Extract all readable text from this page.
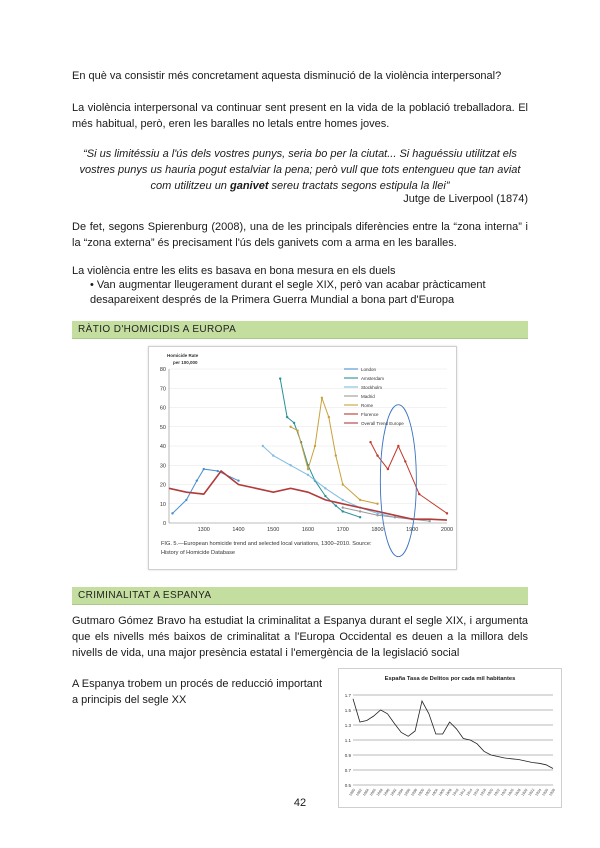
En què va consistir més concretament aquesta disminució de la violència interpersonal?

La violència interpersonal va continuar sent present en la vida de la població treballadora. El més habitual, però, eren les baralles no letals entre homes joves.

“Si us limitéssiu a l'ús dels vostres punys, seria bo per la ciutat... Si haguéssiu utilitzat els vostres punys us hauria pogut estalviar la pena; però vull que tots entengueu que tan aviat com utilitzeu un ganivet sereu tractats segons estipula la llei”
Jutge de Liverpool (1874)

De fet, segons Spierenburg (2008), una de les principals diferències entre la “zona interna” i la “zona externa” és precisament l'ús dels ganivets com a arma en les baralles.

La violència entre les elits es basava en bona mesura en els duels

• Van augmentar lleugerament durant el segle XIX, però van acabar pràcticament desapareixent després de la Primera Guerra Mundial a bona part d'Europa
RÀTIO D'HOMICIDIS A EUROPA
Homicide Rate
per 100,000
0
10
20
30
40
50
60
70
80
1300	1400	1500	1600	1700	1800	1900	2000
London
Amsterdam
Stockholm
Madrid
Rome
Florence
Overall Trend Europe
FIG. 5.—European homicide trend and selected local variations, 1300–2010. Source:
History of Homicide Database
CRIMINALITAT A ESPANYA

Gutmaro Gómez Bravo ha estudiat la criminalitat a Espanya durant el segle XIX, i argumenta que els nivells més baixos de criminalitat a l'Europa Occidental es deuen a la millora dels nivells de vida, una major presència estatal i l'emergència de la legislació social

A Espanya trobem un procés de reducció important a principis del segle XX

España Tasa de Delitos por cada mil habitantes
1.7
1.5
1.3
1.1
0.9
0.7
0.5
1880 1882 1884 1886 1888 1890 1892 1894 1896 1898 1900 1902 1904 1906 1908 1910 1912 1914 1916 1918 1920 1922 1924 1926 1928 1930 1932 1934 1936 1938
42
